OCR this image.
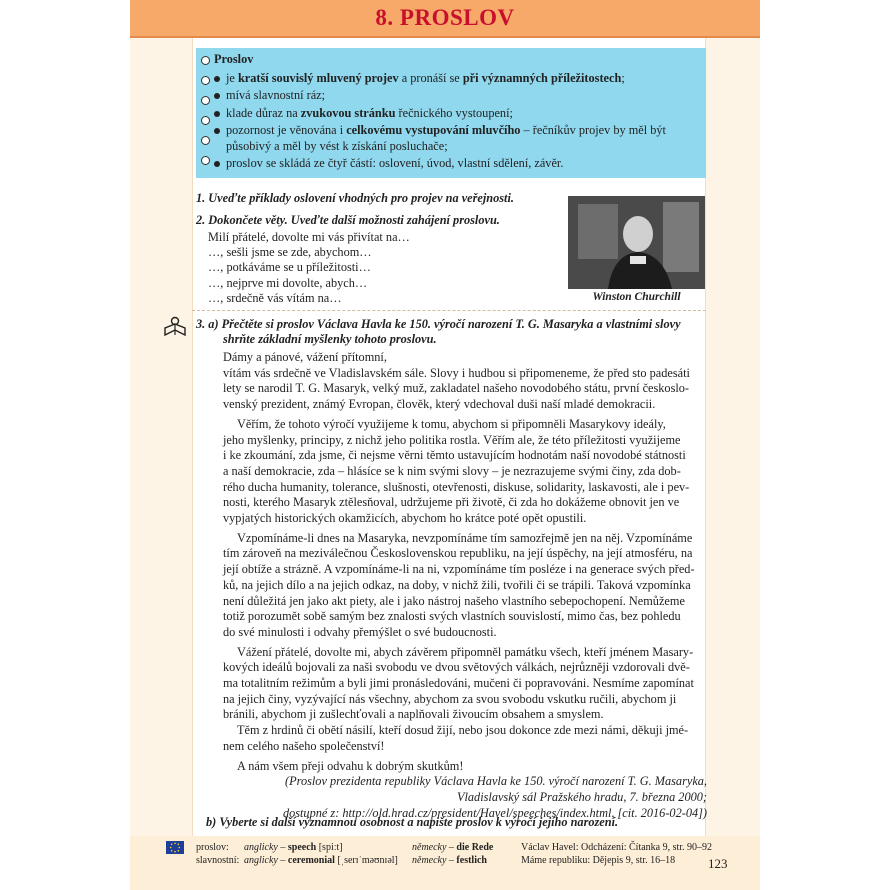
8. PROSLOV
Proslov
je kratší souvislý mluvený projev a pronáší se při významných příležitostech;
mívá slavnostní ráz;
klade důraz na zvukovou stránku řečnického vystoupení;
pozornost je věnována i celkovému vystupování mluvčího – řečníkův projev by měl být
působivý a měl by vést k získání posluchače;
proslov se skládá ze čtyř částí: oslovení, úvod, vlastní sdělení, závěr.
1. Uveďte příklady oslovení vhodných pro projev na veřejnosti.
2. Dokončete věty. Uveďte další možnosti zahájení proslovu.
Milí přátelé, dovolte mi vás přivítat na…
…, sešli jsme se zde, abychom…
…, potkáváme se u příležitosti…
…, nejprve mi dovolte, abych…
…, srdečně vás vítám na…	Winston Churchill
3. a) Přečtěte si proslov Václava Havla ke 150. výročí narození T. G. Masaryka a vlastními slovy
shrňte základní myšlenky tohoto proslovu.

Dámy a pánové, vážení přítomní,

vítám vás srdečně ve Vladislavském sále. Slovy i hudbou si připomeneme, že před sto padesáti

lety se narodil T. G. Masaryk, velký muž, zakladatel našeho novodobého státu, první českoslo-

venský prezident, známý Evropan, člověk, který vdechoval duši naší mladé demokracii.

Věřím, že tohoto výročí využijeme k tomu, abychom si připomněli Masarykovy ideály,

jeho myšlenky, principy, z nichž jeho politika rostla. Věřím ale, že této příležitosti využijeme

i ke zkoumání, zda jsme, či nejsme věrni těmto ustavujícím hodnotám naší novodobé státnosti

a naší demokracie, zda – hlásíce se k nim svými slovy – je nezrazujeme svými činy, zda dob-

rého ducha humanity, tolerance, slušnosti, otevřenosti, diskuse, solidarity, laskavosti, ale i pev-

nosti, kterého Masaryk ztělesňoval, udržujeme při životě, či zda ho dokážeme obnovit jen ve

vypjatých historických okamžicích, abychom ho krátce poté opět opustili.

Vzpomínáme-li dnes na Masaryka, nevzpomínáme tím samozřejmě jen na něj. Vzpomínáme

tím zároveň na meziválečnou Československou republiku, na její úspěchy, na její atmosféru, na

její obtíže a strázně. A vzpomínáme-li na ni, vzpomínáme tím posléze i na generace svých před-

ků, na jejich dílo a na jejich odkaz, na doby, v nichž žili, tvořili či se trápili. Taková vzpomínka

není důležitá jen jako akt piety, ale i jako nástroj našeho vlastního sebepochopení. Nemůžeme

totiž porozumět sobě samým bez znalosti svých vlastních souvislostí, mimo čas, bez pohledu

do své minulosti i odvahy přemýšlet o své budoucnosti.

Vážení přátelé, dovolte mi, abych závěrem připomněl památku všech, kteří jménem Masary-

kových ideálů bojovali za naši svobodu ve dvou světových válkách, nejrůzněji vzdorovali dvě-

ma totalitním režimům a byli jimi pronásledováni, mučeni či popravováni. Nesmíme zapomínat

na jejich činy, vyzývající nás všechny, abychom za svou svobodu vskutku ručili, abychom ji

bránili, abychom ji zušlechťovali a naplňovali živoucím obsahem a smyslem.

Těm z hrdinů či obětí násilí, kteří dosud žijí, nebo jsou dokonce zde mezi námi, děkuji jmé-

nem celého našeho společenství!

A nám všem přeji odvahu k dobrým skutkům!

(Proslov prezidenta republiky Václava Havla ke 150. výročí narození T. G. Masaryka,

Vladislavský sál Pražského hradu, 7. března 2000;

dostupné z: http://old.hrad.cz/president/Havel/speeches/index.html, [cit. 2016-02-04])

b) Vyberte si další významnou osobnost a napište proslov k výročí jejího narození.
proslov:
slavnostní:
anglicky – speech [spiːt]
anglicky – ceremonial [ˌserɪˈməʊnɪəl]
německy – die Rede
německy – festlich
Václav Havel: Odcházení: Čítanka 9, str. 90–92
Máme republiku: Dějepis 9, str. 16–18	123
